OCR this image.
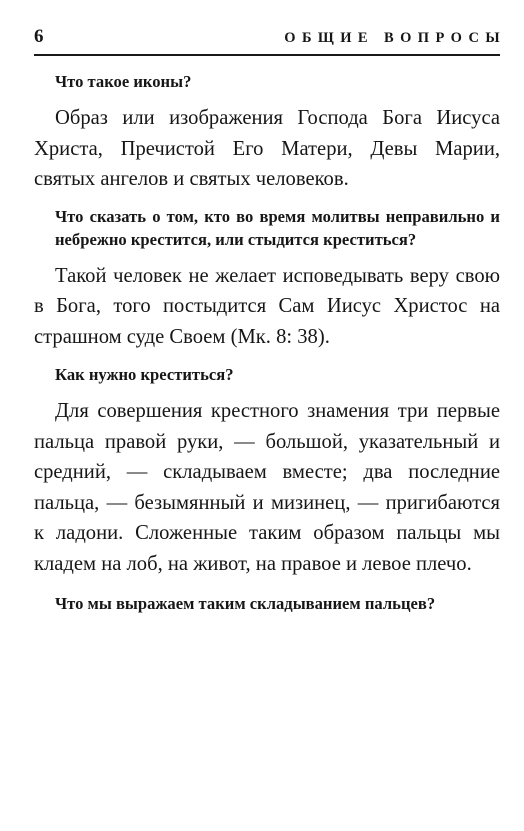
6	ОБЩИЕ ВОПРОСЫ

Что такое иконы?

Образ или изображения Господа Бога Иисуса Христа, Пречистой Его Матери, Девы Марии, святых ангелов и святых человеков.

Что сказать о том, кто во время молитвы неправильно и небрежно крестится, или стыдится креститься?

Такой человек не желает исповедывать веру свою в Бога, того постыдится Сам Иисус Христос на страшном суде Своем (Мк. 8: 38).

Как нужно креститься?

Для совершения крестного знамения три первые пальца правой руки, — большой, указательный и средний, — складываем вместе; два последние пальца, — безымянный и мизинец, — пригибаются к ладони. Сложенные таким образом пальцы мы кладем на лоб, на живот, на правое и левое плечо.

Что мы выражаем таким складыванием пальцев?
